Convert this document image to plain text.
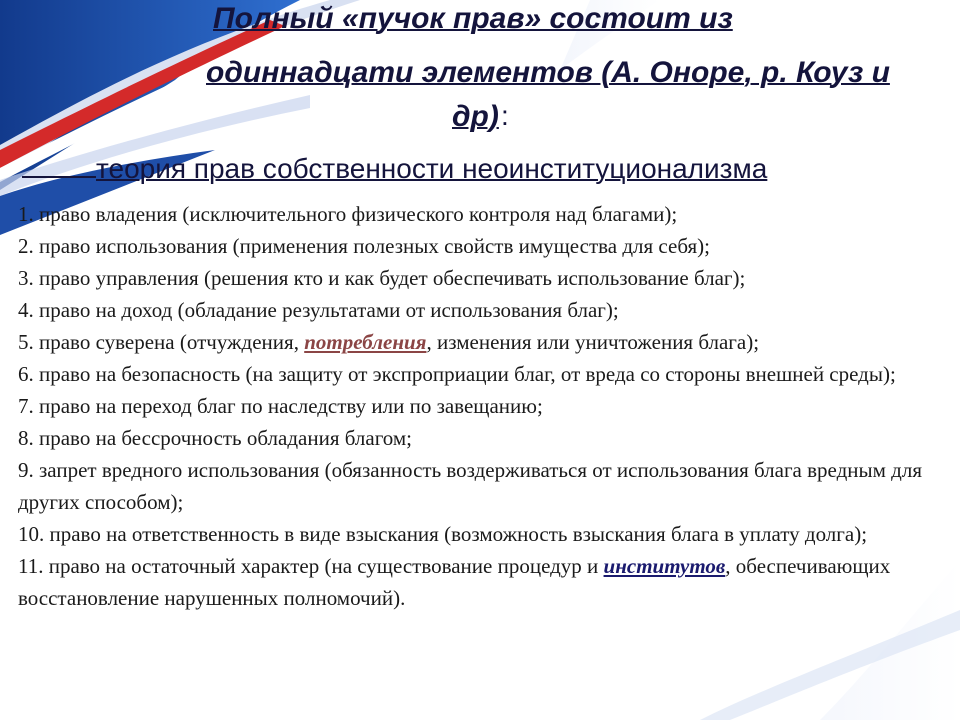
Полный «пучок прав» состоит из
одиннадцати элементов (А. Оноре, р. Коуз и
др) :

теория прав собственности неоинституционализма

1. право владения (исключительного физического контроля над благами);
2. право использования (применения полезных свойств имущества для себя);
3. право управления (решения кто и как будет обеспечивать использование благ);
4. право на доход (обладание результатами от использования благ);
5. право суверена (отчуждения, потребления, изменения или уничтожения блага);
6. право на безопасность (на защиту от экспроприации благ, от вреда со стороны внешней среды);
7. право на переход благ по наследству или по завещанию;
8. право на бессрочность обладания благом;
9. запрет вредного использования (обязанность воздерживаться от использования блага вредным для других способом);
10. право на ответственность в виде взыскания (возможность взыскания блага в уплату долга);
11. право на остаточный характер (на существование процедур и институтов, обеспечивающих восстановление нарушенных полномочий).
